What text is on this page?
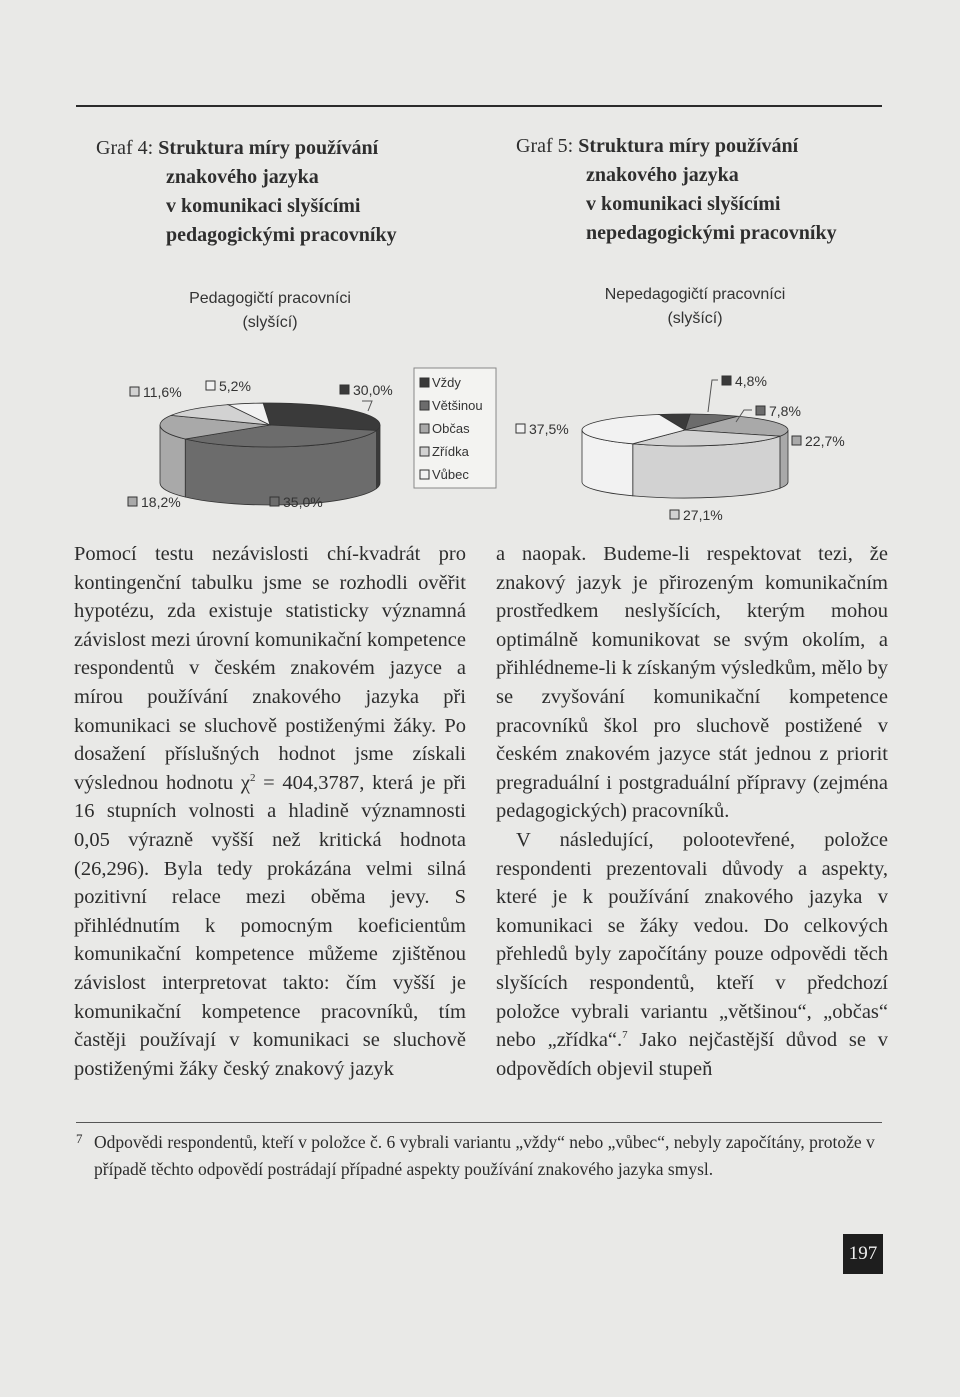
Graf 4: Struktura míry používání
znakového jazyka
v komunikaci slyšícími
pedagogickými pracovníky
Graf 5: Struktura míry používání
znakového jazyka
v komunikaci slyšícími
nepedagogickými pracovníky
Pedagogičtí pracovníci
(slyšící)
Nepedagogičtí pracovníci
(slyšící)
30,0%
35,0%
18,2%
11,6%	5,2%	Vždy
Většinou
Občas
Zřídka
Vůbec
4,8%
7,8%
22,7%
27,1%
37,5%

Pomocí testu nezávislosti chí-kvadrát pro kontingenční tabulku jsme se rozhodli ověřit hypotézu, zda existuje statisticky významná závislost mezi úrovní komunikační kompetence respondentů v českém znakovém jazyce a mírou používání znakového jazyka při komunikaci se sluchově postiženými žáky. Po dosažení příslušných hodnot jsme získali výslednou hodnotu $\chi^2 = 404,3787$, která je při 16 stupních volnosti a hladině významnosti 0,05 výrazně vyšší než kritická hodnota (26,296). Byla tedy prokázána velmi silná pozitivní relace mezi oběma jevy. S přihlédnutím k pomocným koeficientům komunikační kompetence můžeme zjištěnou závislost interpretovat takto: čím vyšší je komunikační kompetence pracovníků, tím častěji používají v komunikaci se sluchově postiženými žáky český znakový jazyk

a naopak. Budeme-li respektovat tezi, že znakový jazyk je přirozeným komunikačním prostředkem neslyšících, kterým mohou optimálně komunikovat se svým okolím, a přihlédneme-li k získaným výsledkům, mělo by se zvyšování komunikační kompetence pracovníků škol pro sluchově postižené v českém znakovém jazyce stát jednou z priorit pregraduální i postgraduální přípravy (zejména pedagogických) pracovníků.

V následující, polootevřené, položce respondenti prezentovali důvody a aspekty, které je k používání znakového jazyka v komunikaci se žáky vedou. Do celkových přehledů byly započítány pouze odpovědi těch slyšících respondentů, kteří v předchozí položce vybrali variantu „většinou“, „občas“ nebo „zřídka“.$^7$ Jako nejčastější důvod se v odpovědích objevil stupeň

7 Odpovědi respondentů, kteří v položce č. 6 vybrali variantu „vždy“ nebo „vůbec“, nebyly započítány, protože v případě těchto odpovědí postrádají případné aspekty používání znakového jazyka smysl.
197
